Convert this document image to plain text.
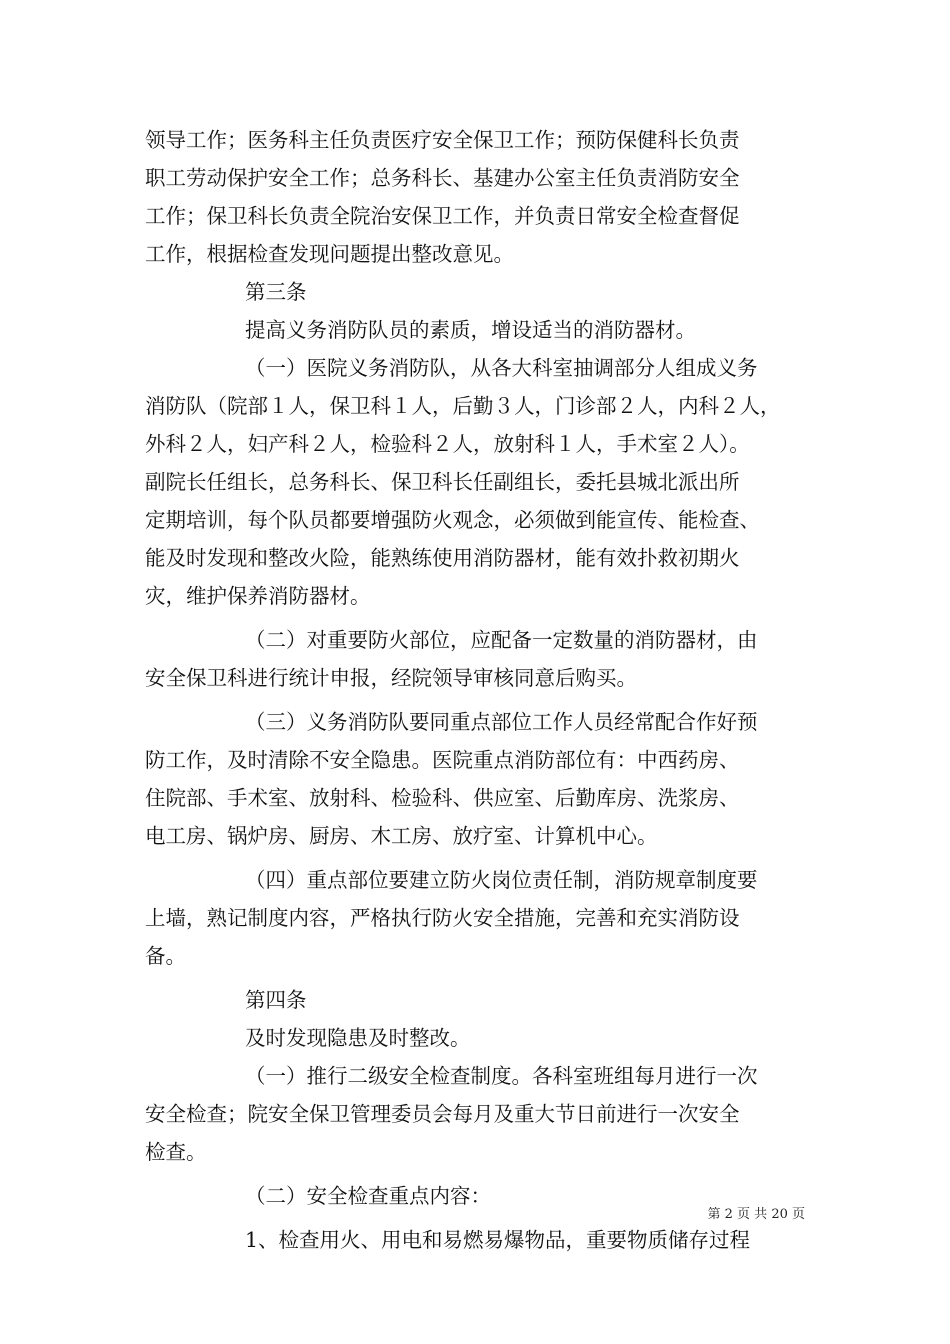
领导工作；医务科主任负责医疗安全保卫工作；预防保健科长负责
职工劳动保护安全工作；总务科长、基建办公室主任负责消防安全
工作；保卫科长负责全院治安保卫工作，并负责日常安全检查督促
工作，根据检查发现问题提出整改意见。
第三条
提高义务消防队员的素质，增设适当的消防器材。
（一）医院义务消防队，从各大科室抽调部分人组成义务
消防队（院部１人，保卫科１人，后勤３人，门诊部２人，内科２人，
外科２人，妇产科２人，检验科２人，放射科１人，手术室２人）。
副院长任组长，总务科长、保卫科长任副组长，委托县城北派出所
定期培训，每个队员都要增强防火观念，必须做到能宣传、能检查、
能及时发现和整改火险，能熟练使用消防器材，能有效扑救初期火
灾，维护保养消防器材。
（二）对重要防火部位，应配备一定数量的消防器材，由
安全保卫科进行统计申报，经院领导审核同意后购买。
（三）义务消防队要同重点部位工作人员经常配合作好预
防工作，及时清除不安全隐患。医院重点消防部位有：中西药房、
住院部、手术室、放射科、检验科、供应室、后勤库房、洗浆房、
电工房、锅炉房、厨房、木工房、放疗室、计算机中心。
（四）重点部位要建立防火岗位责任制，消防规章制度要
上墙，熟记制度内容，严格执行防火安全措施，完善和充实消防设
备。
第四条
及时发现隐患及时整改。
（一）推行二级安全检查制度。各科室班组每月进行一次
安全检查；院安全保卫管理委员会每月及重大节日前进行一次安全
检查。
（二）安全检查重点内容：
1、检查用火、用电和易燃易爆物品，重要物质储存过程
第 2 页 共 20 页
